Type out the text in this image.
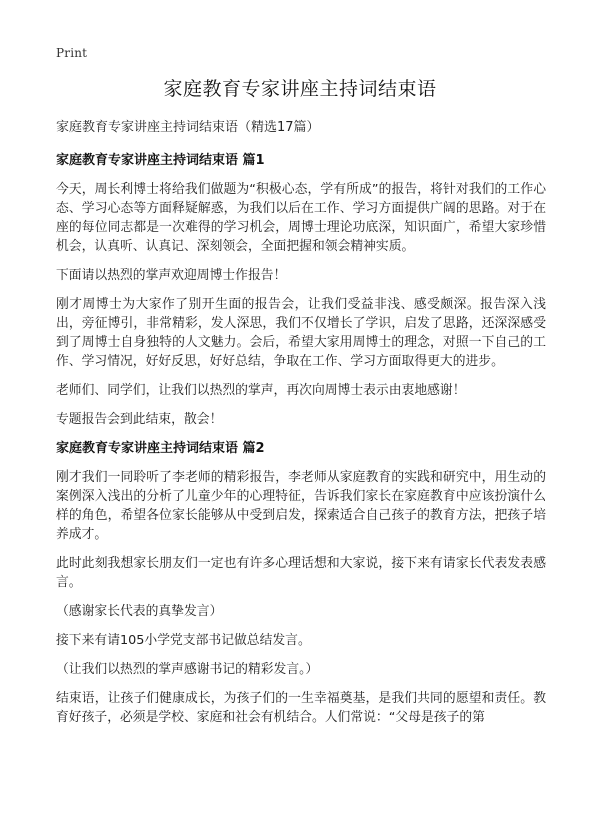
Print
家庭教育专家讲座主持词结束语

家庭教育专家讲座主持词结束语（精选17篇）

家庭教育专家讲座主持词结束语 篇1

今天，周长利博士将给我们做题为“积极心态，学有所成”的报告，将针对我们的工作心态、学习心态等方面释疑解惑，为我们以后在工作、学习方面提供广阔的思路。对于在座的每位同志都是一次难得的学习机会，周博士理论功底深，知识面广，希望大家珍惜机会，认真听、认真记、深刻领会，全面把握和领会精神实质。

下面请以热烈的掌声欢迎周博士作报告！

刚才周博士为大家作了别开生面的报告会，让我们受益非浅、感受颇深。报告深入浅出，旁征博引，非常精彩，发人深思，我们不仅增长了学识，启发了思路，还深深感受到了周博士自身独特的人文魅力。会后，希望大家用周博士的理念，对照一下自己的工作、学习情况，好好反思，好好总结，争取在工作、学习方面取得更大的进步。

老师们、同学们，让我们以热烈的掌声，再次向周博士表示由衷地感谢！

专题报告会到此结束，散会！

家庭教育专家讲座主持词结束语 篇2

刚才我们一同聆听了李老师的精彩报告，李老师从家庭教育的实践和研究中，用生动的案例深入浅出的分析了儿童少年的心理特征，告诉我们家长在家庭教育中应该扮演什么样的角色，希望各位家长能够从中受到启发，探索适合自己孩子的教育方法，把孩子培养成才。

此时此刻我想家长朋友们一定也有许多心理话想和大家说，接下来有请家长代表发表感言。

（感谢家长代表的真挚发言）

接下来有请105小学党支部书记做总结发言。

（让我们以热烈的掌声感谢书记的精彩发言。）

结束语，让孩子们健康成长，为孩子们的一生幸福奠基，是我们共同的愿望和责任。教育好孩子，必须是学校、家庭和社会有机结合。人们常说：“父母是孩子的第
